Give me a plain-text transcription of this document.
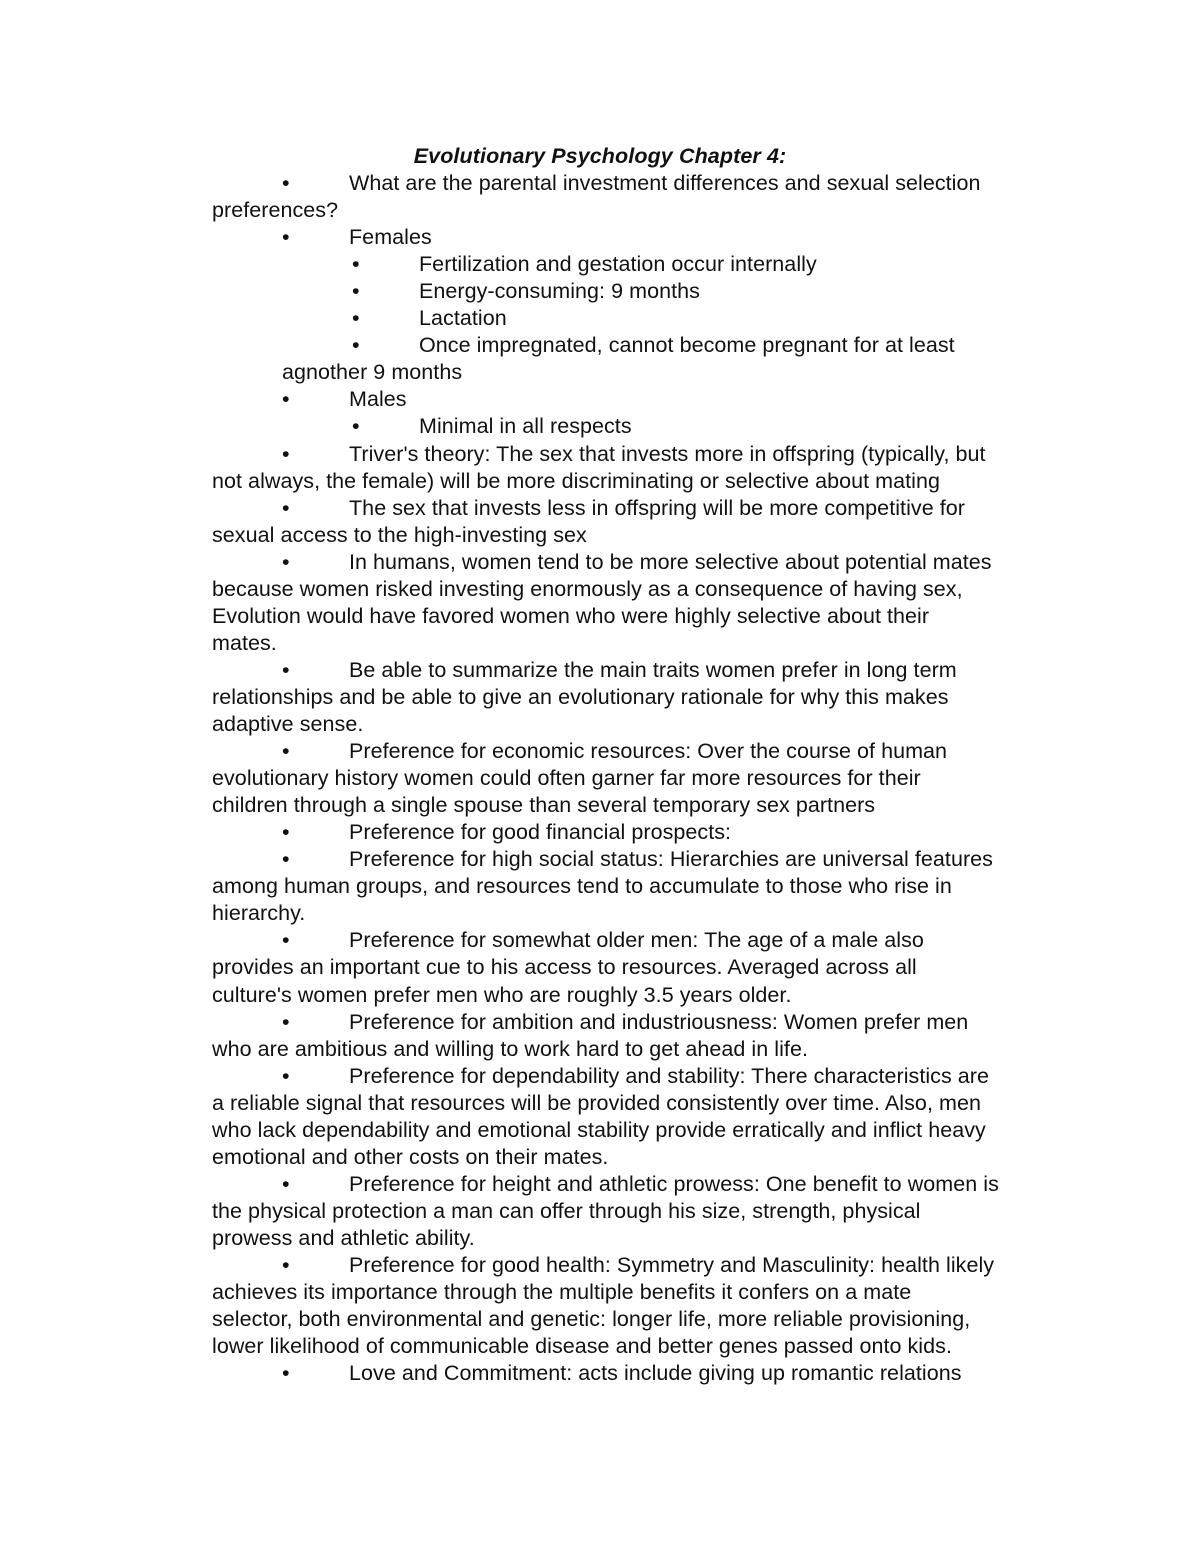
Evolutionary Psychology Chapter 4:
•	What are the parental investment differences and sexual selection
preferences?
•	Females
•	Fertilization and gestation occur internally
•	Energy-consuming: 9 months
•	Lactation
•	Once impregnated, cannot become pregnant for at least
agnother 9 months
•	Males
•	Minimal in all respects
•	Triver's theory: The sex that invests more in offspring (typically, but
not always, the female) will be more discriminating or selective about mating
•	The sex that invests less in offspring will be more competitive for
sexual access to the high-investing sex
•	In humans, women tend to be more selective about potential mates
because women risked investing enormously as a consequence of having sex,
Evolution would have favored women who were highly selective about their
mates.
•	Be able to summarize the main traits women prefer in long term
relationships and be able to give an evolutionary rationale for why this makes
adaptive sense.
•	Preference for economic resources: Over the course of human
evolutionary history women could often garner far more resources for their
children through a single spouse than several temporary sex partners
•	Preference for good financial prospects:
•	Preference for high social status: Hierarchies are universal features
among human groups, and resources tend to accumulate to those who rise in
hierarchy.
•	Preference for somewhat older men: The age of a male also
provides an important cue to his access to resources. Averaged across all
culture's women prefer men who are roughly 3.5 years older.
•	Preference for ambition and industriousness: Women prefer men
who are ambitious and willing to work hard to get ahead in life.
•	Preference for dependability and stability: There characteristics are
a reliable signal that resources will be provided consistently over time. Also, men
who lack dependability and emotional stability provide erratically and inflict heavy
emotional and other costs on their mates.
•	Preference for height and athletic prowess: One benefit to women is
the physical protection a man can offer through his size, strength, physical
prowess and athletic ability.
•	Preference for good health: Symmetry and Masculinity: health likely
achieves its importance through the multiple benefits it confers on a mate
selector, both environmental and genetic: longer life, more reliable provisioning,
lower likelihood of communicable disease and better genes passed onto kids.
•	Love and Commitment: acts include giving up romantic relations
